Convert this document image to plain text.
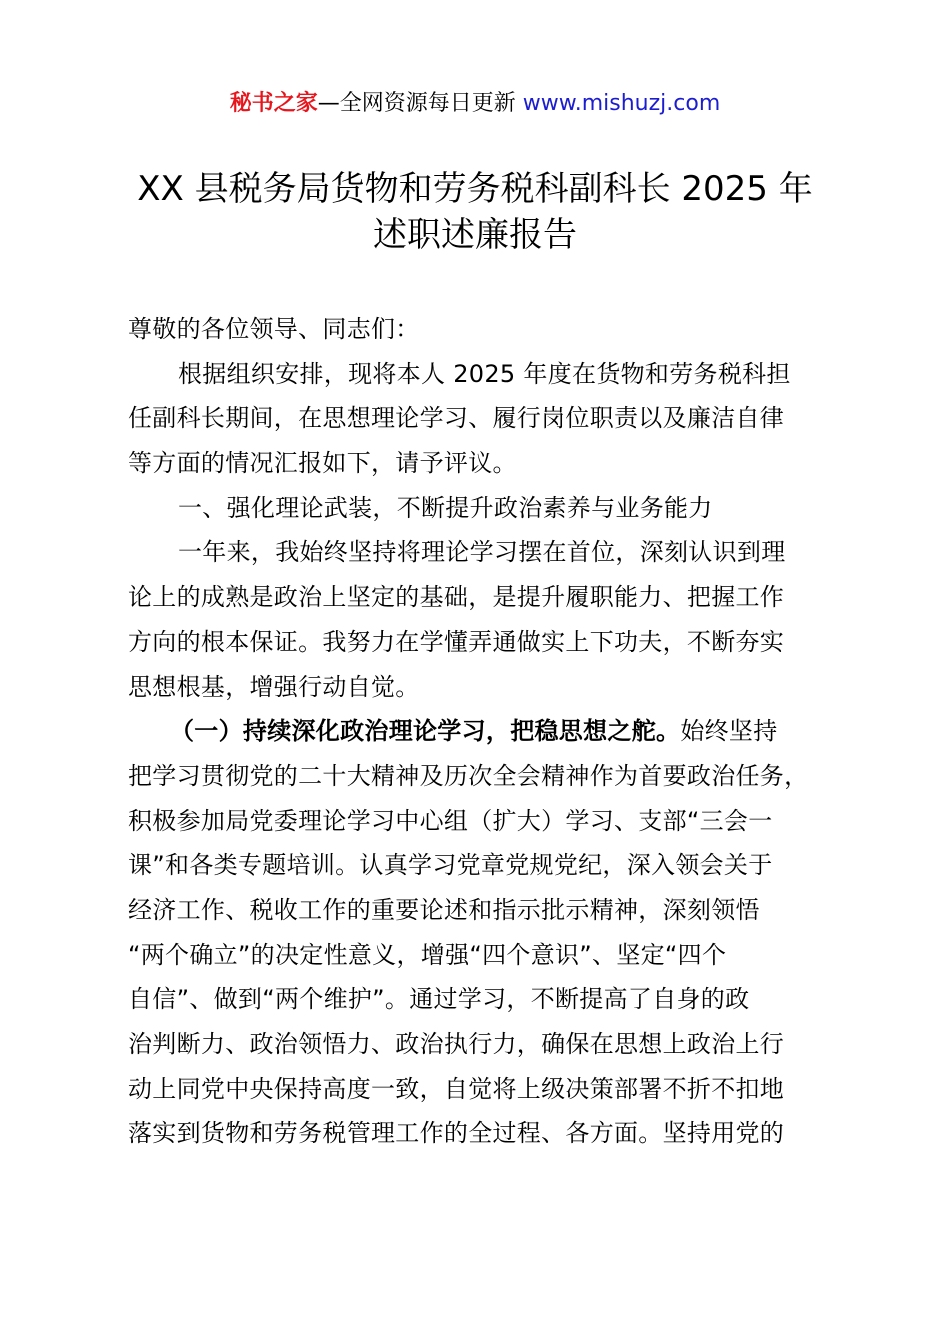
秘书之家—全网资源每日更新 www.mishuzj.com
XX 县税务局货物和劳务税科副科长 2025 年
述职述廉报告
尊敬的各位领导、同志们：
根据组织安排，现将本人 2025 年度在货物和劳务税科担
任副科长期间，在思想理论学习、履行岗位职责以及廉洁自律
等方面的情况汇报如下，请予评议。
一、强化理论武装，不断提升政治素养与业务能力
一年来，我始终坚持将理论学习摆在首位，深刻认识到理
论上的成熟是政治上坚定的基础，是提升履职能力、把握工作
方向的根本保证。我努力在学懂弄通做实上下功夫，不断夯实
思想根基，增强行动自觉。
（一）持续深化政治理论学习，把稳思想之舵。始终坚持
把学习贯彻党的二十大精神及历次全会精神作为首要政治任务，
积极参加局党委理论学习中心组（扩大）学习、支部“三会一
课”和各类专题培训。认真学习党章党规党纪，深入领会关于
经济工作、税收工作的重要论述和指示批示精神，深刻领悟
“两个确立”的决定性意义，增强“四个意识”、坚定“四个
自信”、做到“两个维护”。通过学习，不断提高了自身的政
治判断力、政治领悟力、政治执行力，确保在思想上政治上行
动上同党中央保持高度一致，自觉将上级决策部署不折不扣地
落实到货物和劳务税管理工作的全过程、各方面。坚持用党的
